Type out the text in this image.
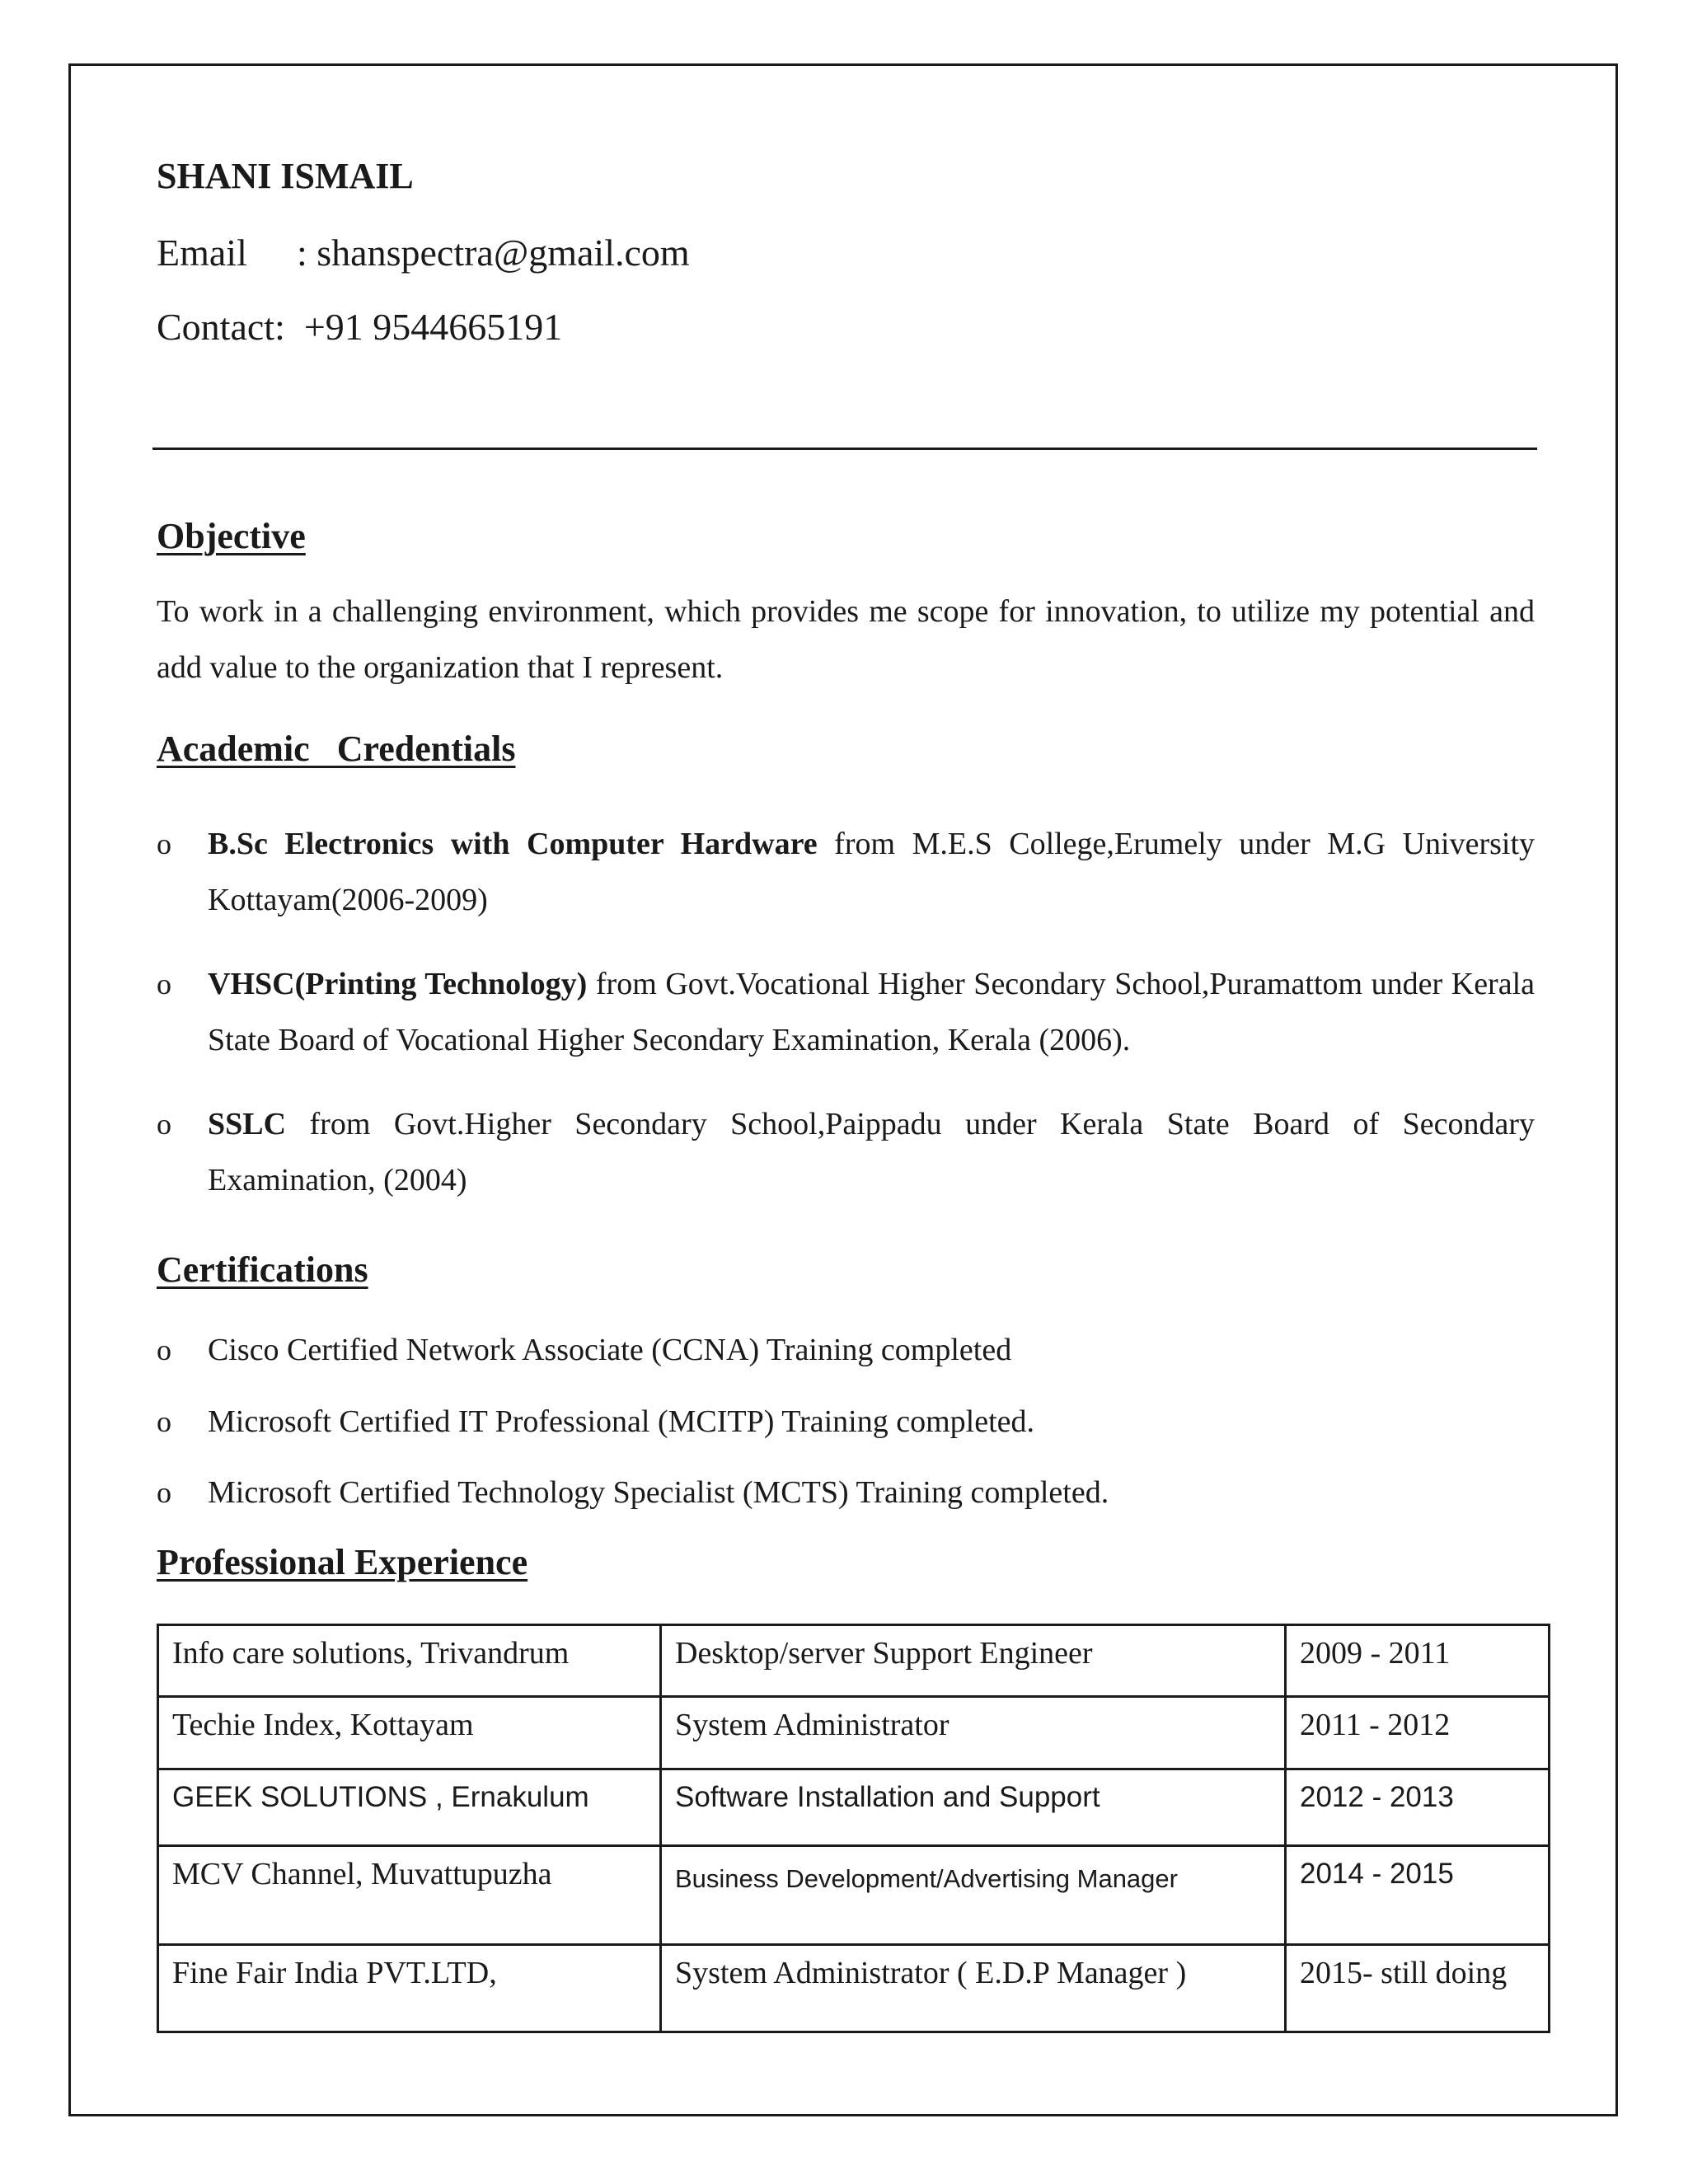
SHANI ISMAIL
Email : shanspectra@gmail.com
Contact: +91 9544665191
Objective
To work in a challenging environment, which provides me scope for innovation, to utilize my potential and add value to the organization that I represent.
Academic   Credentials
o B.Sc Electronics with Computer Hardware from M.E.S College,Erumely under M.G University Kottayam(2006-2009)
o VHSC(Printing Technology) from Govt.Vocational Higher Secondary School,Puramattom under Kerala State Board of Vocational Higher Secondary Examination, Kerala (2006).
o SSLC from Govt.Higher Secondary School,Paippadu under Kerala State Board of Secondary Examination, (2004)
Certifications
o Cisco Certified Network Associate (CCNA) Training completed
o Microsoft Certified IT Professional (MCITP) Training completed.
o Microsoft Certified Technology Specialist (MCTS) Training completed.
Professional Experience
Info care solutions, Trivandrum	Desktop/server Support Engineer	2009 - 2011
Techie Index, Kottayam	System Administrator	2011 - 2012
GEEK SOLUTIONS , Ernakulum	Software Installation and Support	2012 - 2013
MCV Channel, Muvattupuzha	Business Development/Advertising Manager	2014 - 2015
Fine Fair India PVT.LTD,	System Administrator ( E.D.P Manager )	2015- still doing
